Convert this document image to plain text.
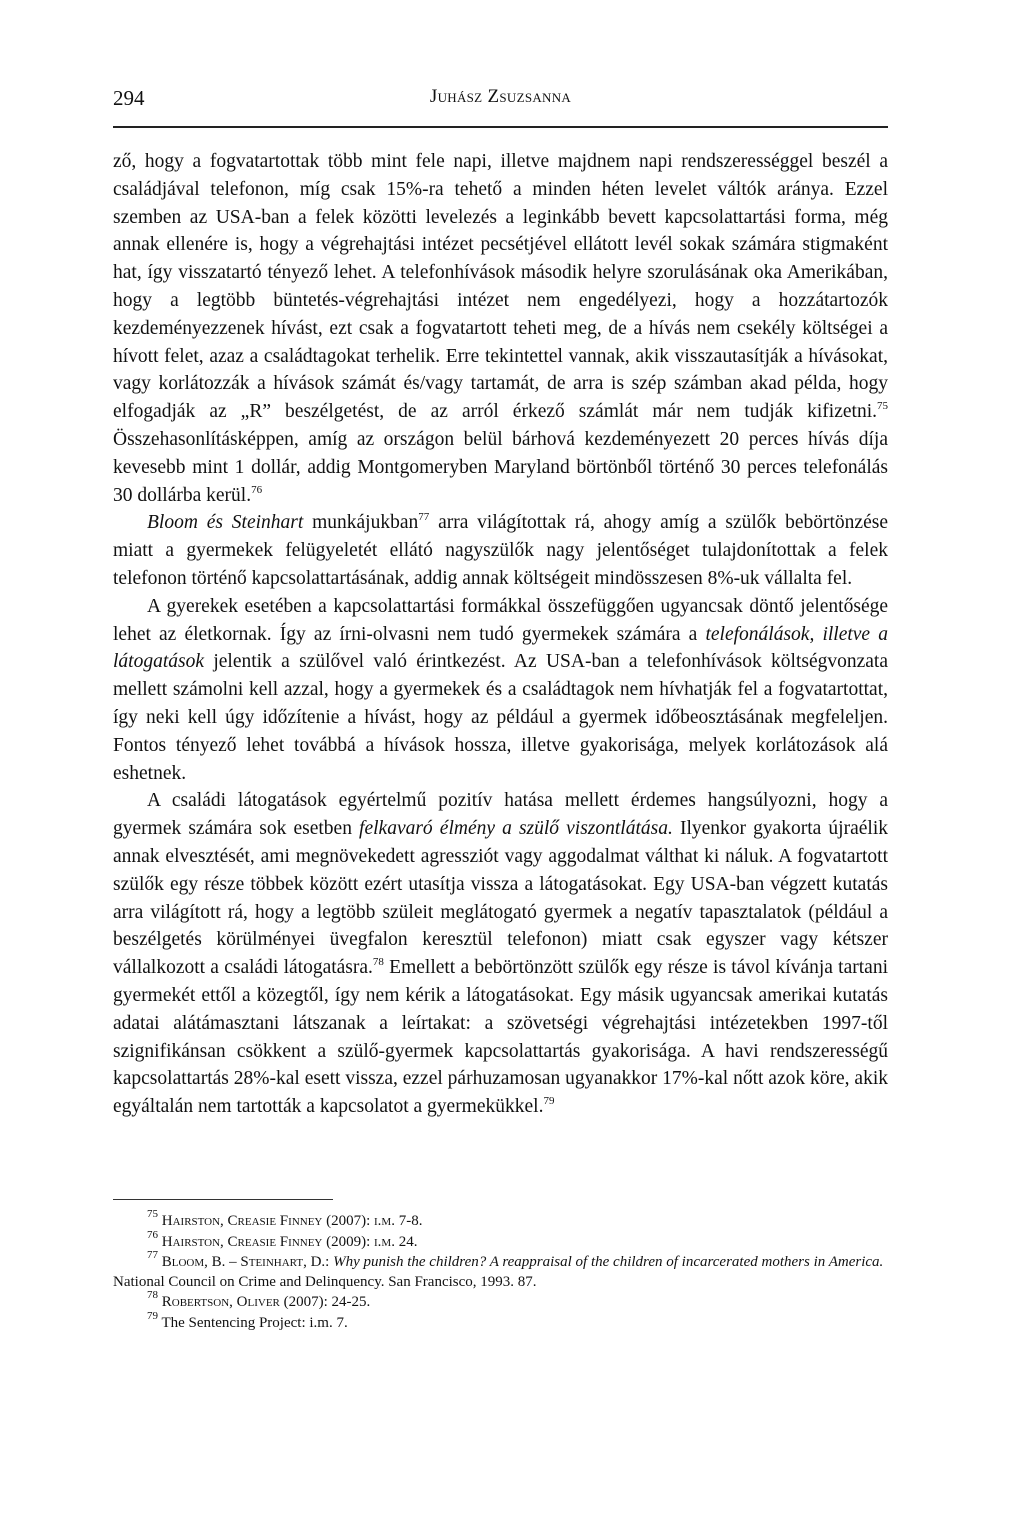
294	Juhász Zsuzsanna

ző, hogy a fogvatartottak több mint fele napi, illetve majdnem napi rendszerességgel beszél a családjával telefonon, míg csak 15%-ra tehető a minden héten levelet váltók aránya. Ezzel szemben az USA-ban a felek közötti levelezés a leginkább bevett kapcsolattartási forma, még annak ellenére is, hogy a végrehajtási intézet pecsétjével ellátott levél sokak számára stigmaként hat, így visszatartó tényező lehet. A telefonhívások második helyre szorulásának oka Amerikában, hogy a legtöbb büntetés-végrehajtási intézet nem engedélyezi, hogy a hozzátartozók kezdeményezzenek hívást, ezt csak a fogvatartott teheti meg, de a hívás nem csekély költségei a hívott felet, azaz a családtagokat terhelik. Erre tekintettel vannak, akik visszautasítják a hívásokat, vagy korlátozzák a hívások számát és/vagy tartamát, de arra is szép számban akad példa, hogy elfogadják az „R” beszélgetést, de az arról érkező számlát már nem tudják kifizetni.$^{75}$ Összehasonlításképpen, amíg az országon belül bárhová kezdeményezett 20 perces hívás díja kevesebb mint 1 dollár, addig Montgomeryben Maryland börtönből történő 30 perces telefonálás 30 dollárba kerül.$^{76}$

Bloom és Steinhart munkájukban$^{77}$ arra világítottak rá, ahogy amíg a szülők bebörtönzése miatt a gyermekek felügyeletét ellátó nagyszülők nagy jelentőséget tulajdonítottak a felek telefonon történő kapcsolattartásának, addig annak költségeit mindösszesen 8%-uk vállalta fel.

A gyerekek esetében a kapcsolattartási formákkal összefüggően ugyancsak döntő jelentősége lehet az életkornak. Így az írni-olvasni nem tudó gyermekek számára a telefonálások, illetve a látogatások jelentik a szülővel való érintkezést. Az USA-ban a telefonhívások költségvonzata mellett számolni kell azzal, hogy a gyermekek és a családtagok nem hívhatják fel a fogvatartottat, így neki kell úgy időzítenie a hívást, hogy az például a gyermek időbeosztásának megfeleljen. Fontos tényező lehet továbbá a hívások hossza, illetve gyakorisága, melyek korlátozások alá eshetnek.

A családi látogatások egyértelmű pozitív hatása mellett érdemes hangsúlyozni, hogy a gyermek számára sok esetben felkavaró élmény a szülő viszontlátása. Ilyenkor gyakorta újraélik annak elvesztését, ami megnövekedett agresszіót vagy aggodalmat válthat ki náluk. A fogvatartott szülők egy része többek között ezért utasítja vissza a látogatásokat. Egy USA-ban végzett kutatás arra világított rá, hogy a legtöbb szüleit meglátogató gyermek a negatív tapasztalatok (például a beszélgetés körülményei üvegfalon keresztül telefonon) miatt csak egyszer vagy kétszer vállalkozott a családi látogatásra.$^{78}$ Emellett a bebörtönzött szülők egy része is távol kívánja tartani gyermekét ettől a közegtől, így nem kérik a látogatásokat. Egy másik ugyancsak amerikai kutatás adatai alátámasztani látszanak a leírtakat: a szövetségi végrehajtási intézetekben 1997-től szignifikánsan csökkent a szülő-gyermek kapcsolattartás gyakorisága. A havi rendszerességű kapcsolattartás 28%-kal esett vissza, ezzel párhuzamosan ugyanakkor 17%-kal nőtt azok köre, akik egyáltalán nem tartották a kapcsolatot a gyermekükkel.$^{79}$

$^{75}$ Hairston, Creasie Finney (2007): i.m. 7-8.

$^{76}$ Hairston, Creasie Finney (2009): i.m. 24.

$^{77}$ Bloom, B. – Steinhart, D.: Why punish the children? A reappraisal of the children of incarcerated mothers in America. National Council on Crime and Delinquency. San Francisco, 1993. 87.

$^{78}$ Robertson, Oliver (2007): 24-25.

$^{79}$ The Sentencing Project: i.m. 7.
